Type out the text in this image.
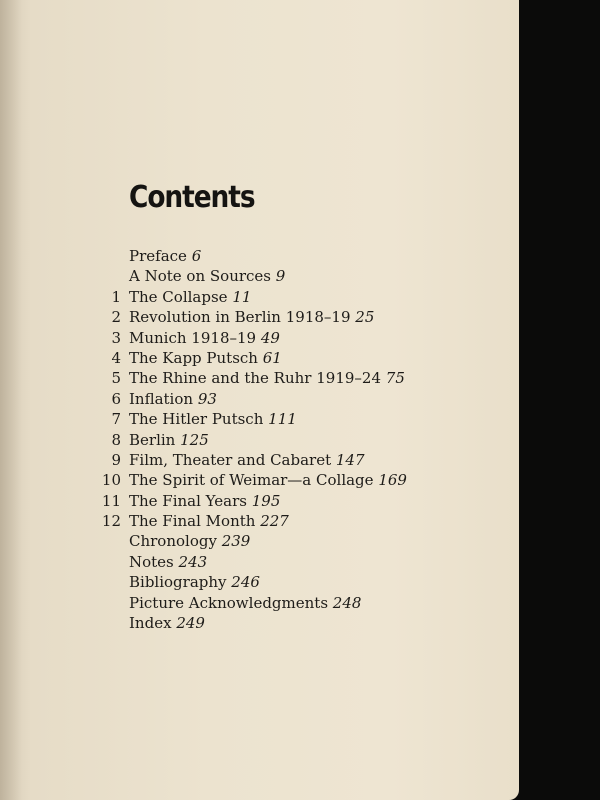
Contents
Preface 6
A Note on Sources 9
1 The Collapse 11
2 Revolution in Berlin 1918–19 25
3 Munich 1918–19 49
4 The Kapp Putsch 61
5 The Rhine and the Ruhr 1919–24 75
6 Inflation 93
7 The Hitler Putsch 111
8 Berlin 125
9 Film, Theater and Cabaret 147
10 The Spirit of Weimar—a Collage 169
11 The Final Years 195
12 The Final Month 227
Chronology 239
Notes 243
Bibliography 246
Picture Acknowledgments 248
Index 249
